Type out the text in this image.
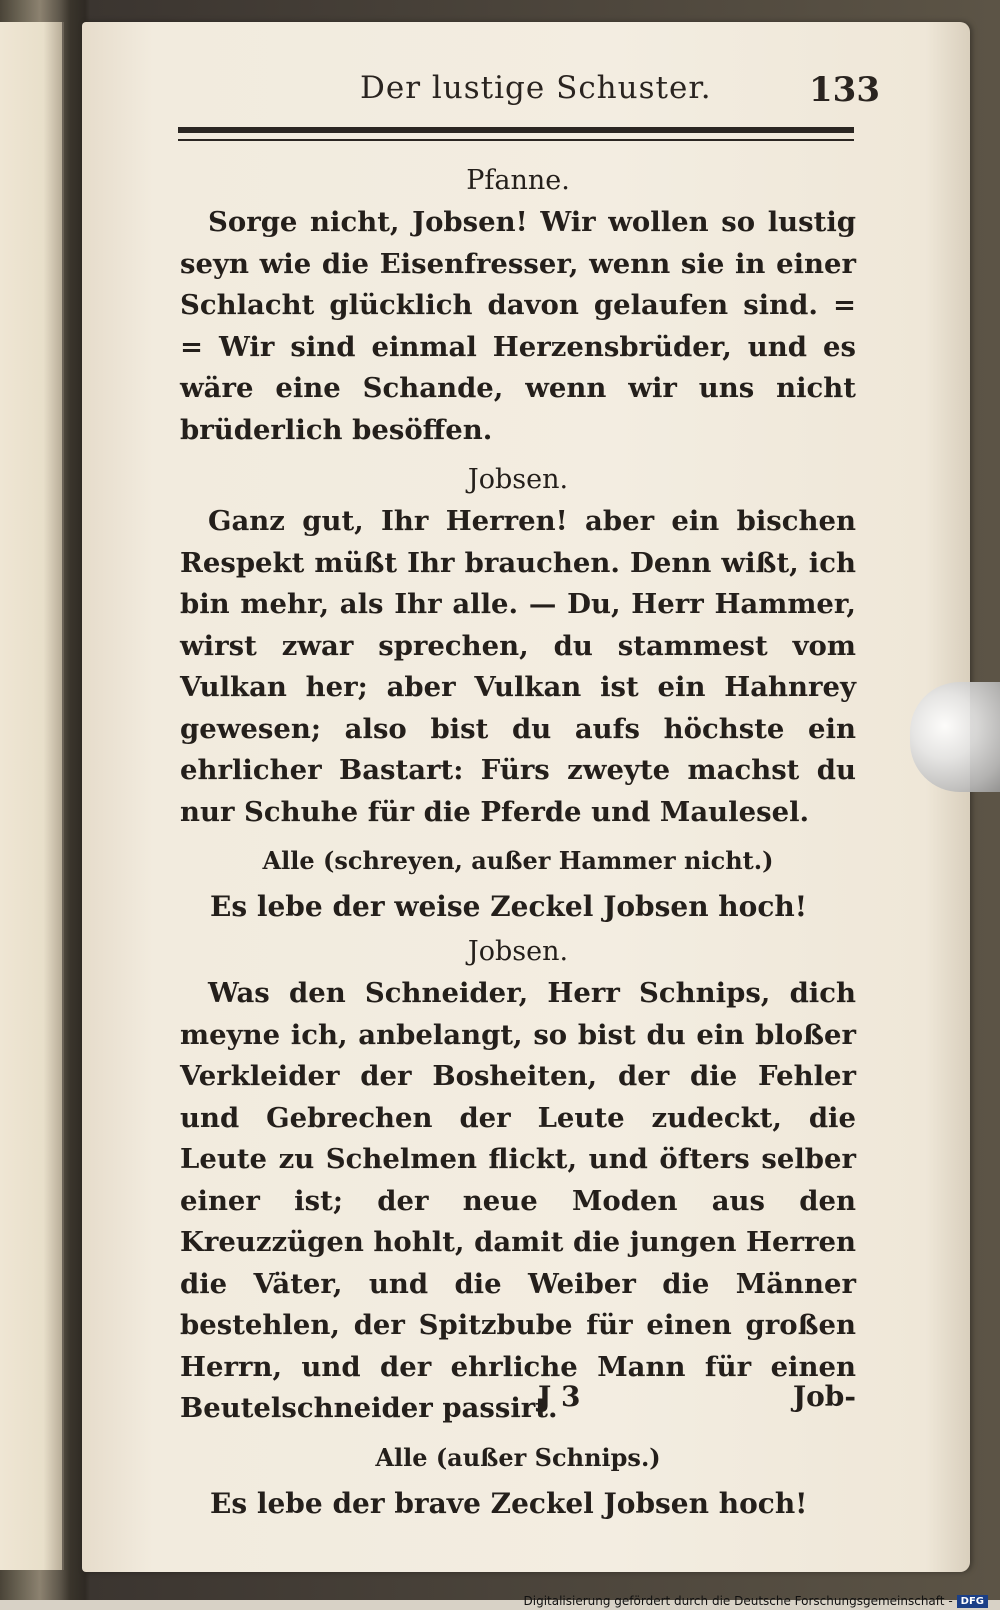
Der lustige Schuster.	133

Pfanne.

Sorge nicht, Jobsen! Wir wollen so lustig seyn wie die Eisenfresser, wenn sie in einer Schlacht glücklich davon gelaufen sind. = = Wir sind einmal Herzensbrüder, und es wäre eine Schande, wenn wir uns nicht brüderlich besöffen.

Jobsen.

Ganz gut, Ihr Herren! aber ein bischen Respekt müßt Ihr brauchen. Denn wißt, ich bin mehr, als Ihr alle. — Du, Herr Hammer, wirst zwar sprechen, du stammest vom Vulkan her; aber Vulkan ist ein Hahnrey gewesen; also bist du aufs höchste ein ehrlicher Bastart: Fürs zweyte machst du nur Schuhe für die Pferde und Maulesel.

Alle (schreyen, außer Hammer nicht.)

Es lebe der weise Zeckel Jobsen hoch!

Jobsen.

Was den Schneider, Herr Schnips, dich meyne ich, anbelangt, so bist du ein bloßer Verkleider der Bosheiten, der die Fehler und Gebrechen der Leute zudeckt, die Leute zu Schelmen flickt, und öfters selber einer ist; der neue Moden aus den Kreuzzügen hohlt, damit die jungen Herren die Väter, und die Weiber die Männer bestehlen, der Spitzbube für einen großen Herrn, und der ehrliche Mann für einen Beutelschneider passirt.

Alle (außer Schnips.)

Es lebe der brave Zeckel Jobsen hoch!

J 3	Job-
Digitalisierung gefördert durch die Deutsche Forschungsgemeinschaft - DFG
